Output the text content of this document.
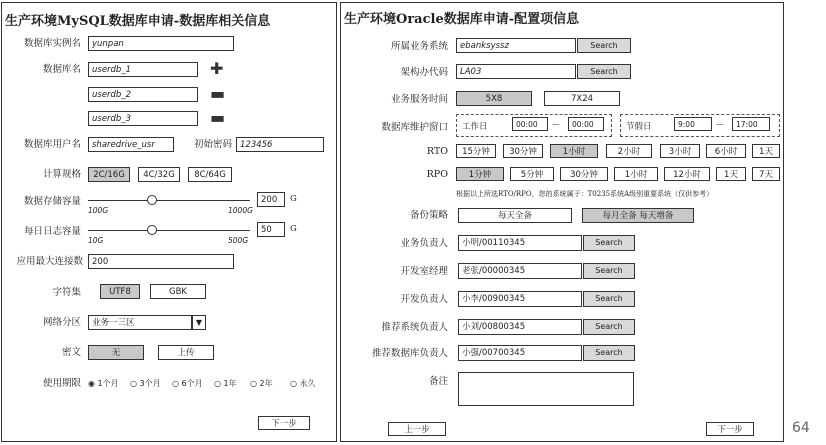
生产环境MySQL数据库申请-数据库相关信息
数据库实例名	yunpan
数据库名	userdb_1	✚
userdb_2	▬
userdb_3	▬
数据库用户名	sharedrive_usr	初始密码 123456
计算规格	2C/16G	4C/32G	8C/64G
数据存储容量
100G	1000G
200	G
每日日志容量
10G	500G
50	G
应用最大连接数	200
字符集	UTF8	GBK
网络分区	业务一三区	▼
密文	无	上传
使用期限 ◉ 1个月 ○ 3个月 ○ 6个月 ○ 1年 ○ 2年 ○ 永久
下一步
生产环境Oracle数据库申请-配置项信息
所属业务系统	ebanksyssz	Search
架构办代码	LA03	Search
业务服务时间	5X8	7X24
数据库维护窗口 工作日	00:00	—	00:00	节假日	9:00	—	17:00
RTO	15分钟	30分钟	1小时	2小时	3小时	6小时	1天
RPO	1分钟	5分钟	30分钟	1小时	12小时	1天	7天
根据以上所选RTO/RPO，您的系统属于：T0235系统A级别重要系统（仅供参考）
备份策略	每天全备	每月全备 每天增备
业务负责人	小明/00110345	Search
开发室经理	老张/00000345	Search
开发负责人	小李/00900345	Search
推荐系统负责人	小刘/00800345	Search
推荐数据库负责人	小强/00700345	Search
备注
上一步	下一步	64
